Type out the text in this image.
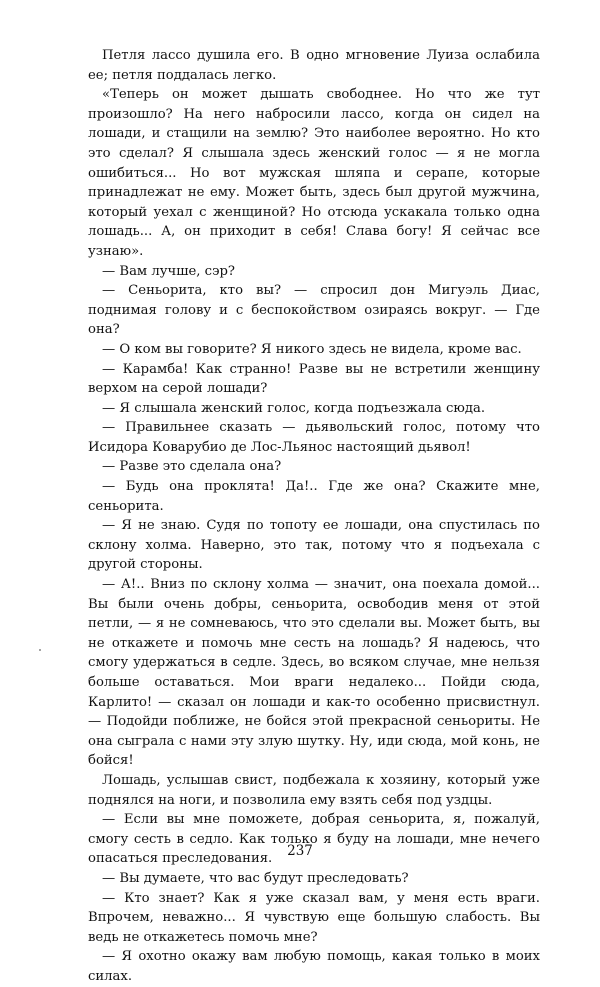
Петля лассо душила его. В одно мгновение Луиза ослабила ее; петля поддалась легко.

«Теперь он может дышать свободнее. Но что же тут произошло? На него набросили лассо, когда он сидел на лошади, и стащили на землю? Это наиболее вероятно. Но кто это сделал? Я слышала здесь женский голос — я не могла ошибиться... Но вот мужская шляпа и серапе, которые принадлежат не ему. Может быть, здесь был другой мужчина, который уехал с женщиной? Но отсюда ускакала только одна лошадь... А, он приходит в себя! Слава богу! Я сейчас все узнаю».

— Вам лучше, сэр?

— Сеньорита, кто вы? — спросил дон Мигуэль Диас, поднимая голову и с беспокойством озираясь вокруг. — Где она?

— О ком вы говорите? Я никого здесь не видела, кроме вас.

— Карамба! Как странно! Разве вы не встретили женщину верхом на серой лошади?

— Я слышала женский голос, когда подъезжала сюда.

— Правильнее сказать — дьявольский голос, потому что Исидора Коварубио де Лос-Льянос настоящий дьявол!

— Разве это сделала она?

— Будь она проклята! Да!.. Где же она? Скажите мне, сеньорита.

— Я не знаю. Судя по топоту ее лошади, она спустилась по склону холма. Наверно, это так, потому что я подъехала с другой стороны.

— А!.. Вниз по склону холма — значит, она поехала домой... Вы были очень добры, сеньорита, освободив меня от этой петли, — я не сомневаюсь, что это сделали вы. Может быть, вы не откажете и помочь мне сесть на лошадь? Я надеюсь, что смогу удержаться в седле. Здесь, во всяком случае, мне нельзя больше оставаться. Мои враги недалеко... Пойди сюда, Карлито! — сказал он лошади и как-то особенно присвистнул. — Подойди поближе, не бойся этой прекрасной сеньориты. Не она сыграла с нами эту злую шутку. Ну, иди сюда, мой конь, не бойся!

Лошадь, услышав свист, подбежала к хозяину, который уже поднялся на ноги, и позволила ему взять себя под уздцы.

— Если вы мне поможете, добрая сеньорита, я, пожалуй, смогу сесть в седло. Как только я буду на лошади, мне нечего опасаться преследования.

— Вы думаете, что вас будут преследовать?

— Кто знает? Как я уже сказал вам, у меня есть враги. Впрочем, неважно... Я чувствую еще большую слабость. Вы ведь не откажетесь помочь мне?

— Я охотно окажу вам любую помощь, какая только в моих силах.

237
